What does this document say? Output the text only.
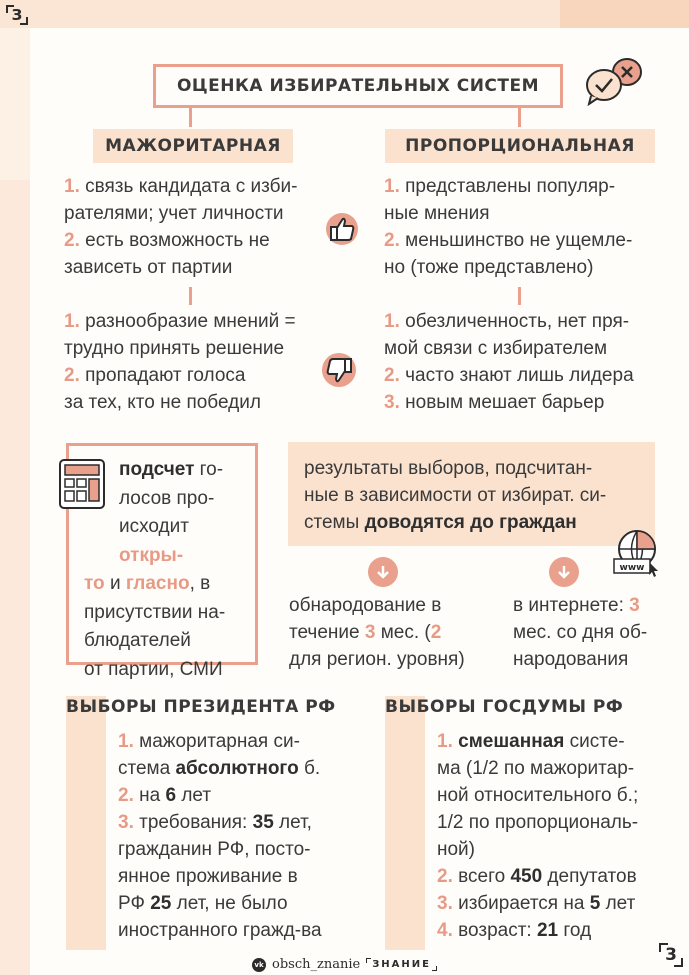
З
ОЦЕНКА ИЗБИРАТЕЛЬНЫХ СИСТЕМ
МАЖОРИТАРНАЯ	ПРОПОРЦИОНАЛЬНАЯ
1. связь кандидата с изби-
рателями; учет личности
2. есть возможность не
зависеть от партии
1. представлены популяр-
ные мнения
2. меньшинство не ущемле-
но (тоже представлено)
1. разнообразие мнений =
трудно принять решение
2. пропадают голоса
за тех, кто не победил
1. обезличенность, нет пря-
мой связи с избирателем
2. часто знают лишь лидера
3. новым мешает барьер
подсчет го-
лосов про-
исходит откры-
то и гласно, в
присутствии на-
блюдателей
от партии, СМИ
результаты выборов, подсчитан-
ные в зависимости от избират. си-
стемы доводятся до граждан
www
обнародование в
течение 3 мес. (2
для регион. уровня)
в интернете: 3
мес. со дня об-
народования
ВЫБОРЫ ПРЕЗИДЕНТА РФ
1. мажоритарная си-
стема абсолютного б.
2. на 6 лет
3. требования: 35 лет,
гражданин РФ, посто-
янное проживание в
РФ 25 лет, не было
иностранного гражд-ва
ВЫБОРЫ ГОСДУМЫ РФ
1. смешанная систе-
ма (1/2 по мажоритар-
ной относительного б.;
1/2 по пропорциональ-
ной)
2. всего 450 депутатов
3. избирается на 5 лет
4. возраст: 21 год
vk obsch_znanie	ЗНАНИЕ	3
